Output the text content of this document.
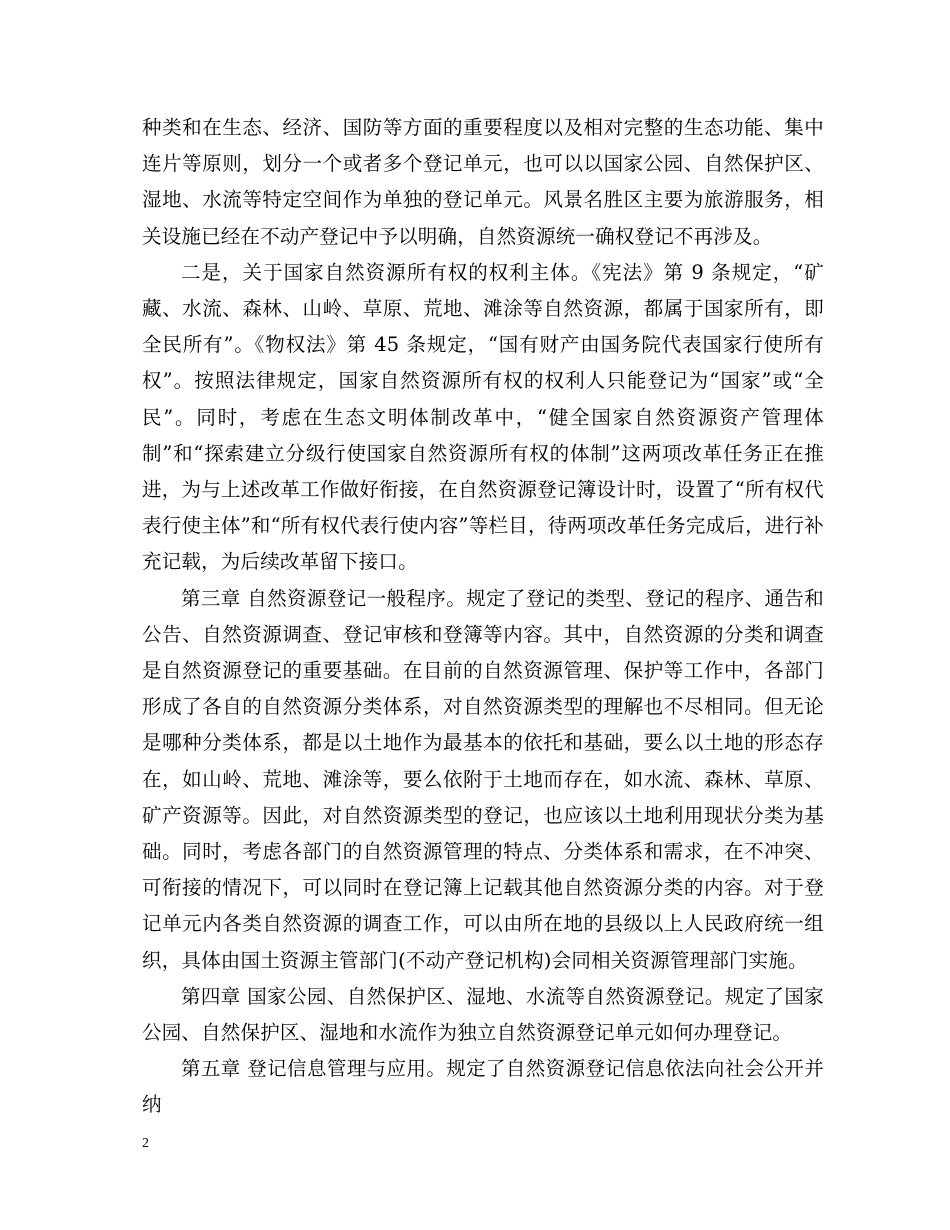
种类和在生态、经济、国防等方面的重要程度以及相对完整的生态功能、集中连片等原则，划分一个或者多个登记单元，也可以以国家公园、自然保护区、湿地、水流等特定空间作为单独的登记单元。风景名胜区主要为旅游服务，相关设施已经在不动产登记中予以明确，自然资源统一确权登记不再涉及。

二是，关于国家自然资源所有权的权利主体。《宪法》第 9 条规定，“矿藏、水流、森林、山岭、草原、荒地、滩涂等自然资源，都属于国家所有，即全民所有”。《物权法》第 45 条规定，“国有财产由国务院代表国家行使所有权”。按照法律规定，国家自然资源所有权的权利人只能登记为“国家”或“全民”。同时，考虑在生态文明体制改革中，“健全国家自然资源资产管理体制”和“探索建立分级行使国家自然资源所有权的体制”这两项改革任务正在推进，为与上述改革工作做好衔接，在自然资源登记簿设计时，设置了“所有权代表行使主体”和“所有权代表行使内容”等栏目，待两项改革任务完成后，进行补充记载，为后续改革留下接口。

第三章 自然资源登记一般程序。规定了登记的类型、登记的程序、通告和公告、自然资源调查、登记审核和登簿等内容。其中，自然资源的分类和调查是自然资源登记的重要基础。在目前的自然资源管理、保护等工作中，各部门形成了各自的自然资源分类体系，对自然资源类型的理解也不尽相同。但无论是哪种分类体系，都是以土地作为最基本的依托和基础，要么以土地的形态存在，如山岭、荒地、滩涂等，要么依附于土地而存在，如水流、森林、草原、矿产资源等。因此，对自然资源类型的登记，也应该以土地利用现状分类为基础。同时，考虑各部门的自然资源管理的特点、分类体系和需求，在不冲突、可衔接的情况下，可以同时在登记簿上记载其他自然资源分类的内容。对于登记单元内各类自然资源的调查工作，可以由所在地的县级以上人民政府统一组织，具体由国土资源主管部门(不动产登记机构)会同相关资源管理部门实施。

第四章 国家公园、自然保护区、湿地、水流等自然资源登记。规定了国家公园、自然保护区、湿地和水流作为独立自然资源登记单元如何办理登记。

第五章 登记信息管理与应用。规定了自然资源登记信息依法向社会公开并纳

2
